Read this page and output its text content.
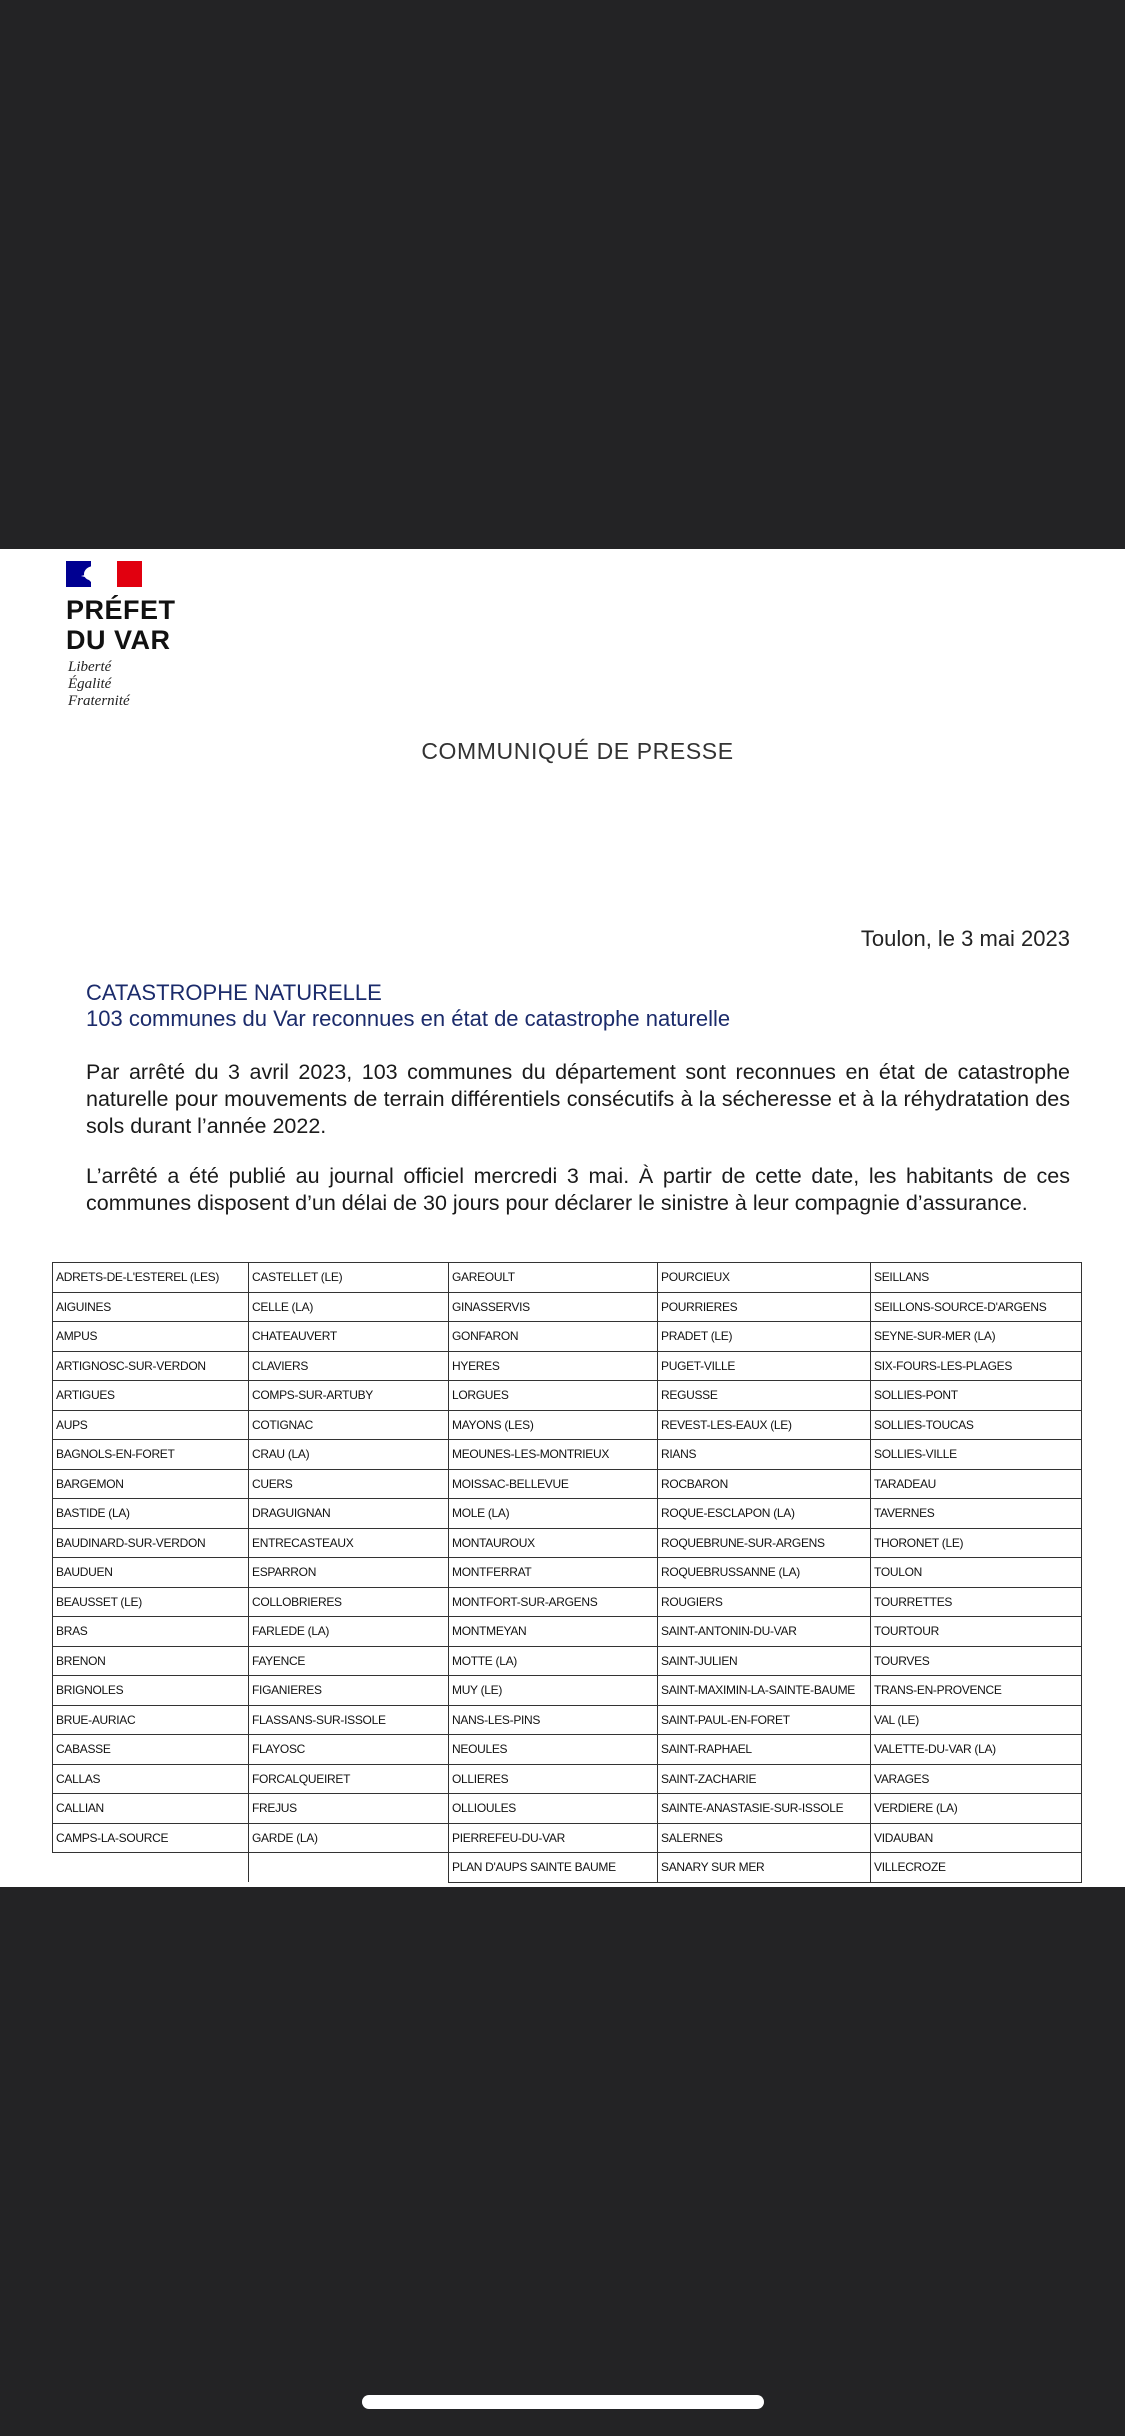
PRÉFET
DU VAR
Liberté
Égalité
Fraternité
COMMUNIQUÉ DE PRESSE
Toulon, le 3 mai 2023
CATASTROPHE NATURELLE
103 communes du Var reconnues en état de catastrophe naturelle
Par arrêté du 3 avril 2023, 103 communes du département sont reconnues en état de catastrophe naturelle pour mouvements de terrain différentiels consécutifs à la sécheresse et à la réhydratation des sols durant l’année 2022.
L’arrêté a été publié au journal officiel mercredi 3 mai. À partir de cette date, les habitants de ces communes disposent d’un délai de 30 jours pour déclarer le sinistre à leur compagnie d’assurance.
ADRETS-DE-L'ESTEREL (LES)	CASTELLET (LE)	GAREOULT	POURCIEUX	SEILLANS
AIGUINES	CELLE (LA)	GINASSERVIS	POURRIERES	SEILLONS-SOURCE-D'ARGENS
AMPUS	CHATEAUVERT	GONFARON	PRADET (LE)	SEYNE-SUR-MER (LA)
ARTIGNOSC-SUR-VERDON	CLAVIERS	HYERES	PUGET-VILLE	SIX-FOURS-LES-PLAGES
ARTIGUES	COMPS-SUR-ARTUBY	LORGUES	REGUSSE	SOLLIES-PONT
AUPS	COTIGNAC	MAYONS (LES)	REVEST-LES-EAUX (LE)	SOLLIES-TOUCAS
BAGNOLS-EN-FORET	CRAU (LA)	MEOUNES-LES-MONTRIEUX	RIANS	SOLLIES-VILLE
BARGEMON	CUERS	MOISSAC-BELLEVUE	ROCBARON	TARADEAU
BASTIDE (LA)	DRAGUIGNAN	MOLE (LA)	ROQUE-ESCLAPON (LA)	TAVERNES
BAUDINARD-SUR-VERDON	ENTRECASTEAUX	MONTAUROUX	ROQUEBRUNE-SUR-ARGENS	THORONET (LE)
BAUDUEN	ESPARRON	MONTFERRAT	ROQUEBRUSSANNE (LA)	TOULON
BEAUSSET (LE)	COLLOBRIERES	MONTFORT-SUR-ARGENS	ROUGIERS	TOURRETTES
BRAS	FARLEDE (LA)	MONTMEYAN	SAINT-ANTONIN-DU-VAR	TOURTOUR
BRENON	FAYENCE	MOTTE (LA)	SAINT-JULIEN	TOURVES
BRIGNOLES	FIGANIERES	MUY (LE)	SAINT-MAXIMIN-LA-SAINTE-BAUME	TRANS-EN-PROVENCE
BRUE-AURIAC	FLASSANS-SUR-ISSOLE	NANS-LES-PINS	SAINT-PAUL-EN-FORET	VAL (LE)
CABASSE	FLAYOSC	NEOULES	SAINT-RAPHAEL	VALETTE-DU-VAR (LA)
CALLAS	FORCALQUEIRET	OLLIERES	SAINT-ZACHARIE	VARAGES
CALLIAN	FREJUS	OLLIOULES	SAINTE-ANASTASIE-SUR-ISSOLE	VERDIERE (LA)
CAMPS-LA-SOURCE	GARDE (LA)	PIERREFEU-DU-VAR	SALERNES	VIDAUBAN
		PLAN D'AUPS SAINTE BAUME	SANARY SUR MER	VILLECROZE
